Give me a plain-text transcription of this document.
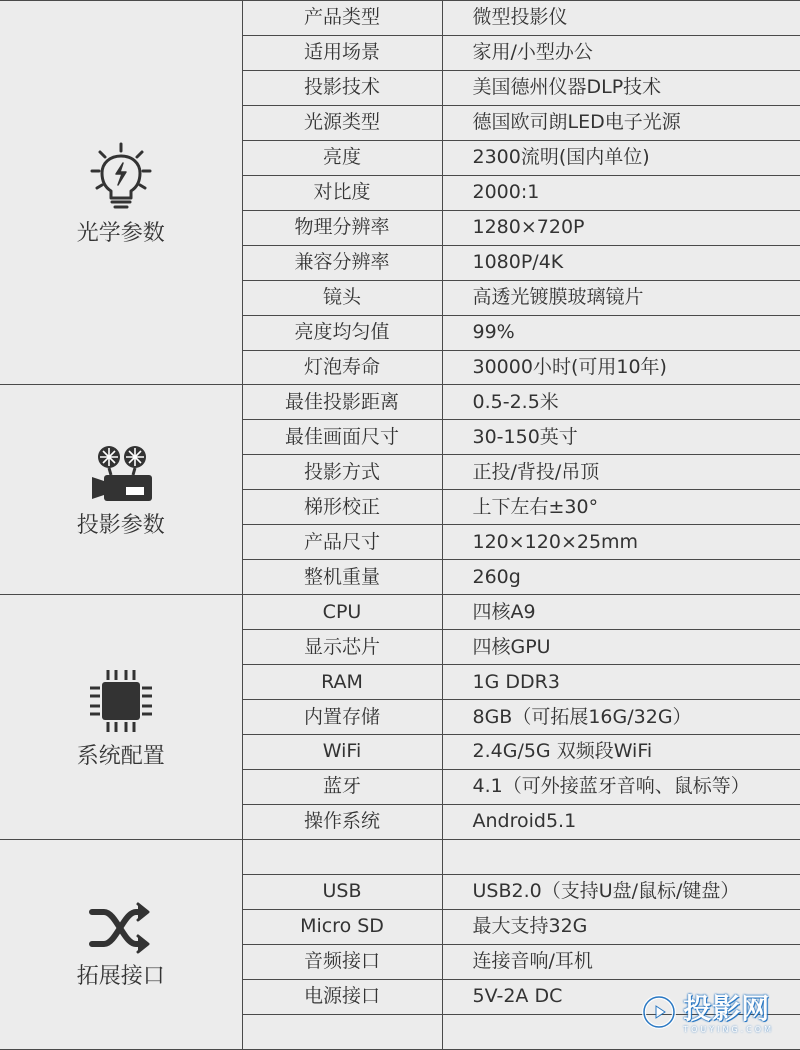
光学参数	产品类型	微型投影仪
	适用场景	家用/小型办公
	投影技术	美国德州仪器DLP技术
	光源类型	德国欧司朗LED电子光源
	亮度	2300流明(国内单位)
	对比度	2000:1
	物理分辨率	1280×720P
	兼容分辨率	1080P/4K
	镜头	高透光镀膜玻璃镜片
	亮度均匀值	99%
	灯泡寿命	30000小时(可用10年)

投影参数	最佳投影距离	0.5-2.5米
	最佳画面尺寸	30-150英寸
	投影方式	正投/背投/吊顶
	梯形校正	上下左右±30°
	产品尺寸	120×120×25mm
	整机重量	260g

系统配置	CPU	四核A9
	显示芯片	四核GPU
	RAM	1G DDR3
	内置存储	8GB（可拓展16G/32G）
	WiFi	2.4G/5G 双频段WiFi
	蓝牙	4.1（可外接蓝牙音响、鼠标等）
	操作系统	Android5.1

拓展接口		

	USB	USB2.0（支持U盘/鼠标/键盘）
	Micro SD	最大支持32G
	音频接口	连接音响/耳机
	电源接口	5V-2A DC
		投影网
TOUYING.COM
